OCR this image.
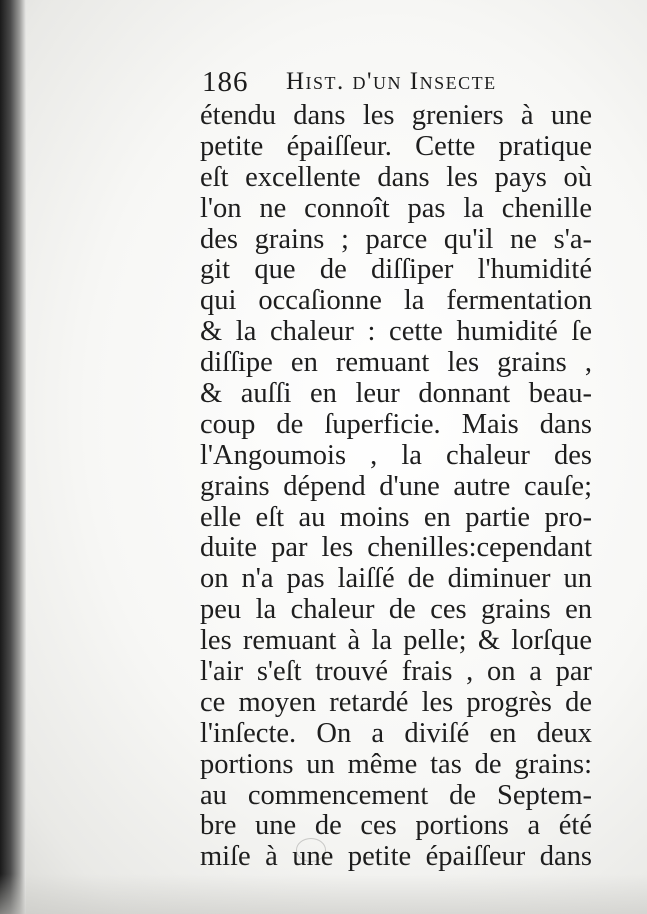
186 Hist. d'un Insecte
étendu dans les greniers à une
petite épaiſſeur. Cette pratique
eſt excellente dans les pays où
l'on ne connoît pas la chenille
des grains ; parce qu'il ne s'a-
git que de diſſiper l'humidité
qui occaſionne la fermentation
& la chaleur : cette humidité ſe
diſſipe en remuant les grains ,
& auſſi en leur donnant beau-
coup de ſuperficie. Mais dans
l'Angoumois , la chaleur des
grains dépend d'une autre cauſe;
elle eſt au moins en partie pro-
duite par les chenilles:cependant
on n'a pas laiſſé de diminuer un
peu la chaleur de ces grains en
les remuant à la pelle; & lorſque
l'air s'eſt trouvé frais , on a par
ce moyen retardé les progrès de
l'inſecte. On a diviſé en deux
portions un même tas de grains:
au commencement de Septem-
bre une de ces portions a été
miſe à une petite épaiſſeur dans
